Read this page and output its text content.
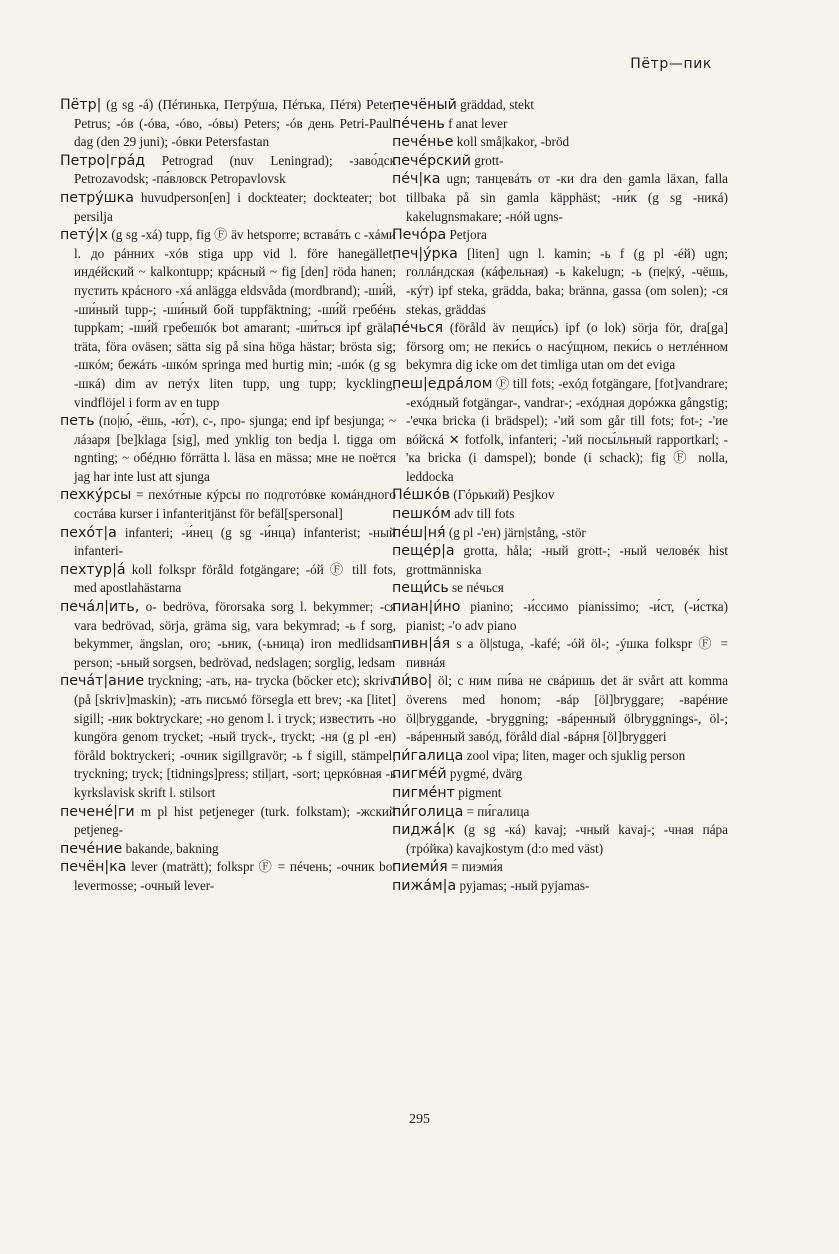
Пётр—пик

Пётр| (g sg -á) (Пéтинька, Петрýша, Пéтька, Пéтя) Peter, Petrus; -óв (-óва, -óво, -óвы) Peters; -óв день Petri-Pauli dag (den 29 juni); -óвки Petersfastan

Петро|гра́д Petrograd (nuv Leningrad); -заво́дск Petrozavodsk; -па́вловск Petropavlovsk

петрýшка huvudperson[en] i dockteater; dockteater; bot persilja

петý|х (g sg -хá) tupp, fig Ⓕ äv hetsporre; вставáть с -хáми l. до рáнних -хóв stiga upp vid l. före hanegället; индéйский ~ kalkontupp; крáсный ~ fig [den] röda hanen; пустить крáсного -хá anlägga eldsvåda (mordbrand); -ши́й, -ши́ный tupp-; -ши́ный бой tuppfäktning; -ши́й гребéнь tuppkam; -ши́й гребешóк bot amarant; -ши́ться ipf gräla, träta, föra oväsen; sätta sig på sina höga hästar; brösta sig; -шкóм; бежáть -шкóм springa med hurtig min; -шóк (g sg -шкá) dim av петýх liten tupp, ung tupp; kyckling; vindflöjel i form av en tupp

петь (по|ю́, -ёшь, -ю́т), с-, про- sjunga; end ipf besjunga; ~ лáзаря [be]klaga [sig], med ynklig ton bedja l. tigga om ngnting; ~ обéдню förrätta l. läsa en mässa; мне не поётся jag har inte lust att sjunga

пехкýрсы = пехóтные кýрсы по подготóвке комáндного состáва kurser i infanteritjänst för befäl[spersonal]

пехóт|а infanteri; -и́нец (g sg -и́нца) infanterist; -ный infanteri-

пехтур|á koll folkspr föråld fotgängare; -óй Ⓕ till fots, med apostlahästarna

печáл|ить, о- bedröva, förorsaka sorg l. bekymmer; -ся vara bedrövad, sörja, gräma sig, vara bekymrad; -ь f sorg, bekymmer, ängslan, oro; -ьник, (-ьница) iron medlidsam person; -ьный sorgsen, bedrövad, nedslagen; sorglig, ledsam

печáт|ание tryckning; -ать, на- trycka (böcker etc); skriva (på [skriv]maskin); -ать письмó försegla ett brev; -ка [litet] sigill; -ник boktryckare; -но genom l. i tryck; известить -но kungöra genom trycket; -ный tryck-, tryckt; -ня (g pl -ен) föråld boktryckeri; -очник sigillgravör; -ь f sigill, stämpel; tryckning; tryck; [tidnings]press; stil|art, -sort; церкóвная -ь kyrkslavisk skrift l. stilsort

печенé|ги m pl hist petjeneger (turk. folkstam); -жский petjeneg-

печéние bakande, bakning

печён|ка lever (maträtt); folkspr Ⓕ = пéчень; -очник bot levermosse; -очный lever-

печёный gräddad, stekt

пéчень f anat lever

печéнье koll små|kakor, -bröd

печéрский grott-

пéч|ка ugn; танцевáть от -ки dra den gamla läxan, falla tillbaka på sin gamla käpphäst; -ни́к (g sg -никá) kakelugnsmakare; -нóй ugns-

Печóра Petjora

печ|ýрка [liten] ugn l. kamin; -ь f (g pl -éй) ugn; голлáндская (кáфельная) -ь kakelugn; -ь (пе|кý, -чёшь, -кýт) ipf steka, grädda, baka; bränna, gassa (om solen); -ся stekas, gräddas

пéчься (föråld äv пещи́сь) ipf (o lok) sörja för, dra[ga] försorg om; не пеки́сь о насýщном, пеки́сь о нетлéнном bekymra dig icke om det timliga utan om det eviga

пеш|едрáлом Ⓕ till fots; -ехóд fotgängare, [fot]vandrare; -ехóдный fotgängar-, vandrar-; -ехóдная дорóжка gångstig; -'ечка bricka (i brädspel); -'ий som går till fots; fot-; -'ие вóйскá ✕ fotfolk, infanteri; -'ий посы́льный rapportkarl; -'ка bricka (i damspel); bonde (i schack); fig Ⓕ nolla, leddocka

Пéшкóв (Гóрький) Pesjkov

пешкóм adv till fots

пéш|ня́ (g pl -'ен) järn|stång, -stör

пещéр|а grotta, håla; -ный grott-; -ный человéк hist grottmänniska

пещи́сь se пéчься

пиан|и́но pianino; -и́ссимо pianissimo; -и́ст, (-и́стка) pianist; -'о adv piano

пивн|áя s a öl|stuga, -kafé; -óй öl-; -ýшка folkspr Ⓕ = пивнáя

пи́во| öl; с ним пи́ва не свáришь det är svårt att komma överens med honom; -вáр [öl]bryggare; -варéние öl|bryggande, -bryggning; -вáренный ölbryggnings-, öl-; -вáренный завóд, föråld dial -вáрня [öl]bryggeri

пи́галица zool vipa; liten, mager och sjuklig person

пигмéй pygmé, dvärg

пигмéнт pigment

пи́голица = пи́галица

пиджá|к (g sg -кá) kavaj; -чный kavaj-; -чная пáра (трóйка) kavajkostym (d:o med väst)

пиеми́я = пиэми́я

пижáм|а pyjamas; -ный pyjamas-

295
